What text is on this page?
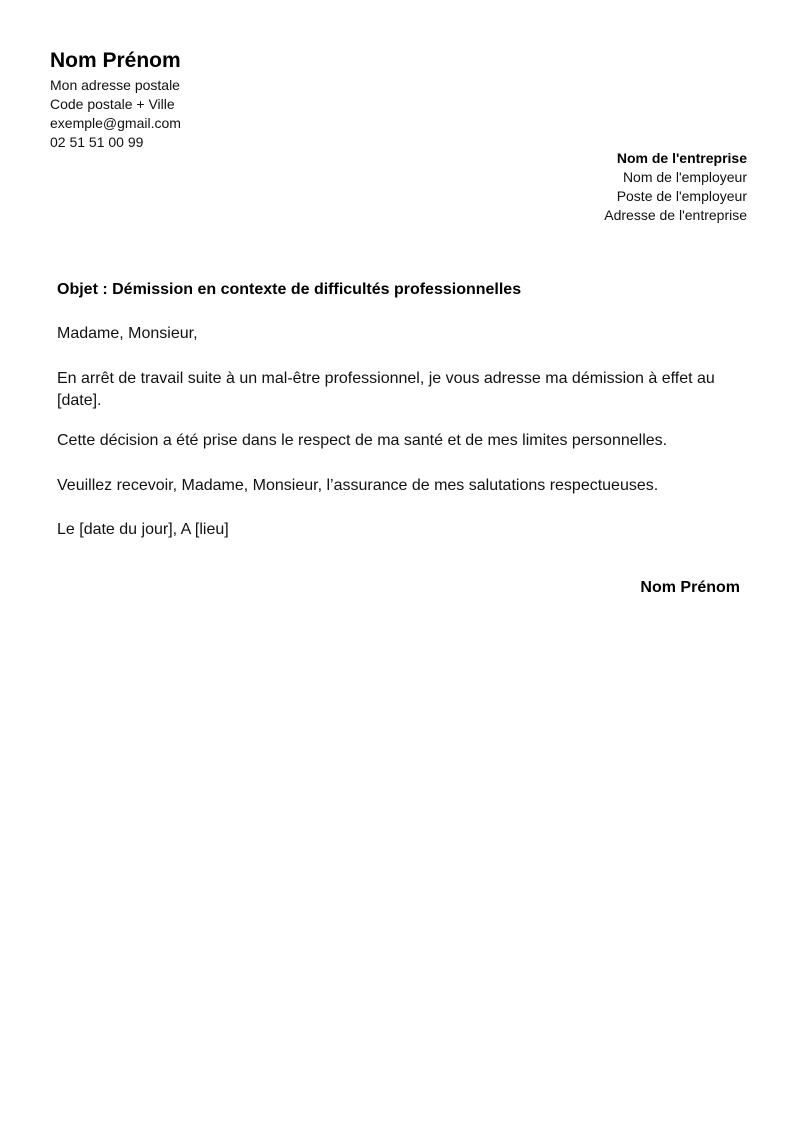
Nom Prénom
Mon adresse postale
Code postale + Ville
exemple@gmail.com
02 51 51 00 99
Nom de l'entreprise
Nom de l'employeur
Poste de l'employeur
Adresse de l'entreprise
Objet : Démission en contexte de difficultés professionnelles
Madame, Monsieur,
En arrêt de travail suite à un mal-être professionnel, je vous adresse ma démission à effet au [date].
Cette décision a été prise dans le respect de ma santé et de mes limites personnelles.
Veuillez recevoir, Madame, Monsieur, l’assurance de mes salutations respectueuses.
Le [date du jour], A [lieu]
Nom Prénom
